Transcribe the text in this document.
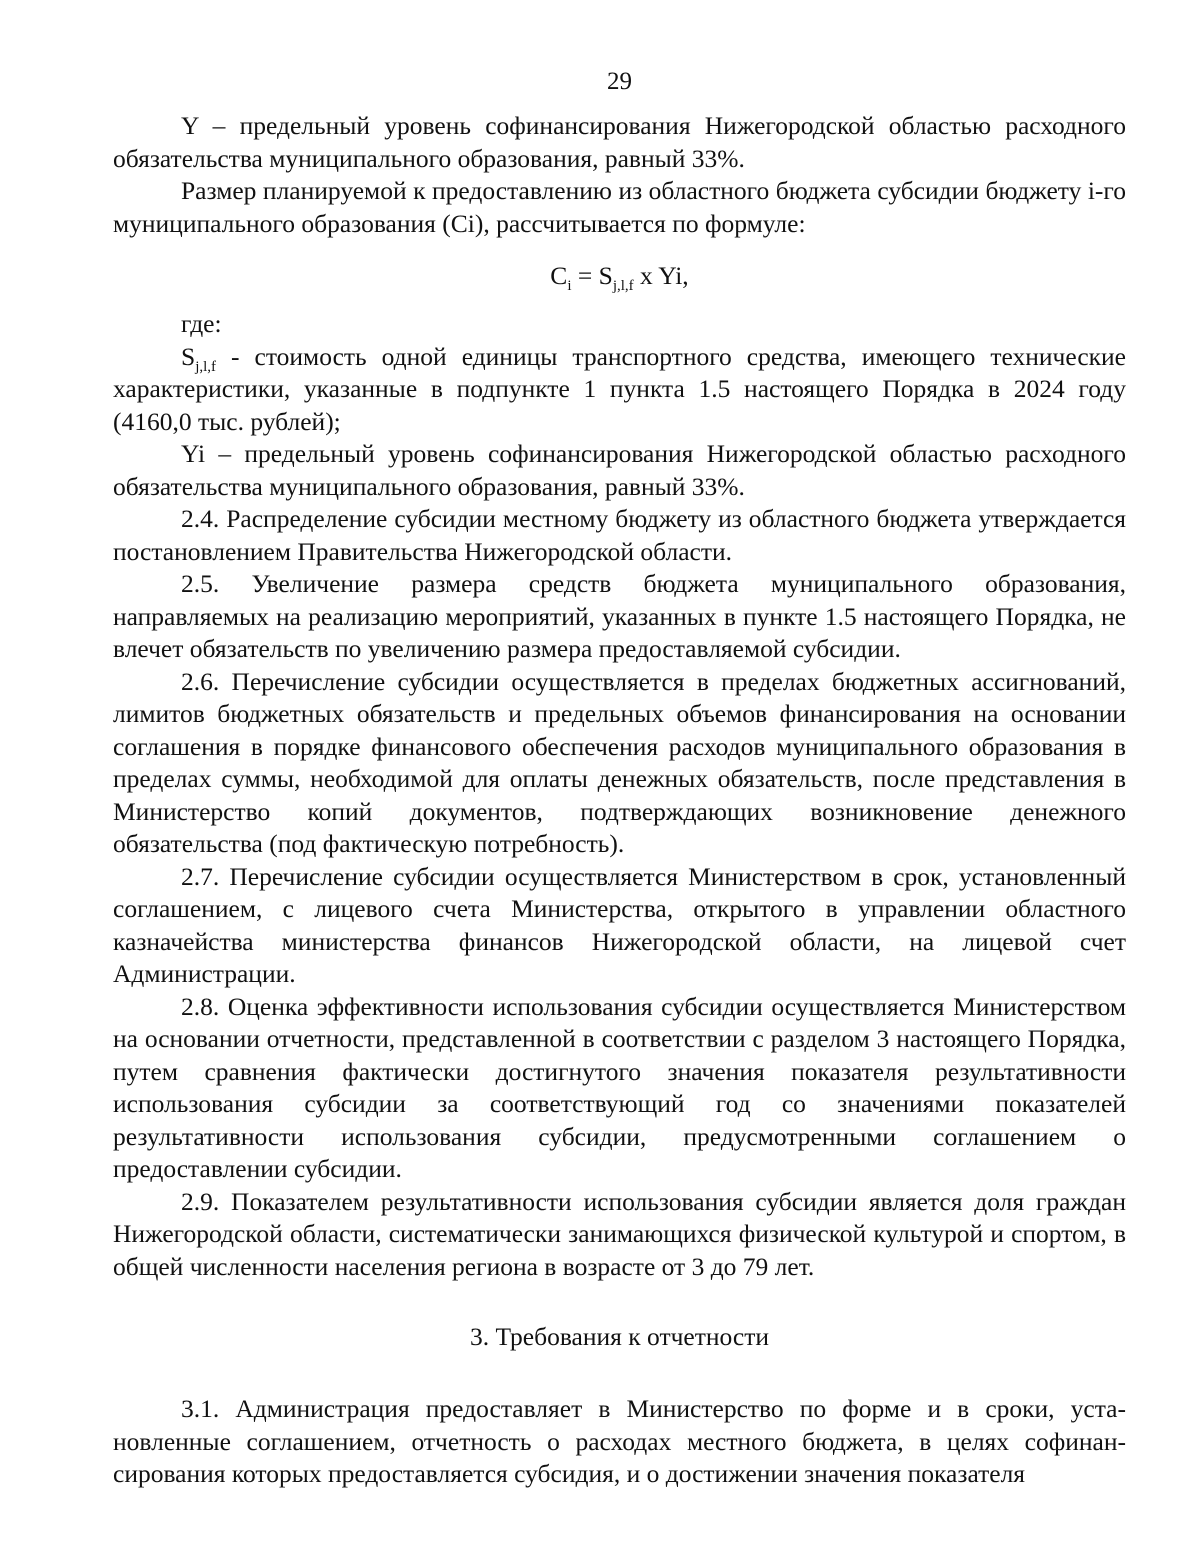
29

Y – предельный уровень софинансирования Нижегородской областью расходного обязательства муниципального образования, равный 33%.

Размер планируемой к предоставлению из областного бюджета субсидии бюджету i-го муниципального образования (Сi), рассчитывается по формуле:

$C_i = S_{j,l,f}$ x Yi,

где:

$S_{j,l,f}$ - стоимость одной единицы транспортного средства, имеющего технические характеристики, указанные в подпункте 1 пункта 1.5 настоящего Порядка в 2024 году (4160,0 тыс. рублей);

Yi – предельный уровень софинансирования Нижегородской областью расходного обязательства муниципального образования, равный 33%.

2.4. Распределение субсидии местному бюджету из областного бюджета утверждается постановлением Правительства Нижегородской области.

2.5. Увеличение размера средств бюджета муниципального образования, направляемых на реализацию мероприятий, указанных в пункте 1.5 настоящего Порядка, не влечет обязательств по увеличению размера предоставляемой субсидии.

2.6. Перечисление субсидии осуществляется в пределах бюджетных ассигнований, лимитов бюджетных обязательств и предельных объемов финансирования на основании соглашения в порядке финансового обеспечения расходов муниципального образования в пределах суммы, необходимой для оплаты денежных обязательств, после представления в Министерство копий документов, подтверждающих возникновение денежного обязательства (под фактическую потребность).

2.7. Перечисление субсидии осуществляется Министерством в срок, установленный соглашением, с лицевого счета Министерства, открытого в управлении областного казначейства министерства финансов Нижегородской области, на лицевой счет Администрации.

2.8. Оценка эффективности использования субсидии осуществляется Министерством на основании отчетности, представленной в соответствии с разделом 3 настоящего Порядка, путем сравнения фактически достигнутого значения показателя результативности использования субсидии за соответствующий год со значениями показателей результативности использования субсидии, предусмотренными соглашением о предоставлении субсидии.

2.9. Показателем результативности использования субсидии является доля граждан Нижегородской области, систематически занимающихся физической культурой и спортом, в общей численности населения региона в возрасте от 3 до 79 лет.

3. Требования к отчетности

3.1. Администрация предоставляет в Министерство по форме и в сроки, установленные соглашением, отчетность о расходах местного бюджета, в целях софинансирования которых предоставляется субсидия, и о достижении значения показателя
